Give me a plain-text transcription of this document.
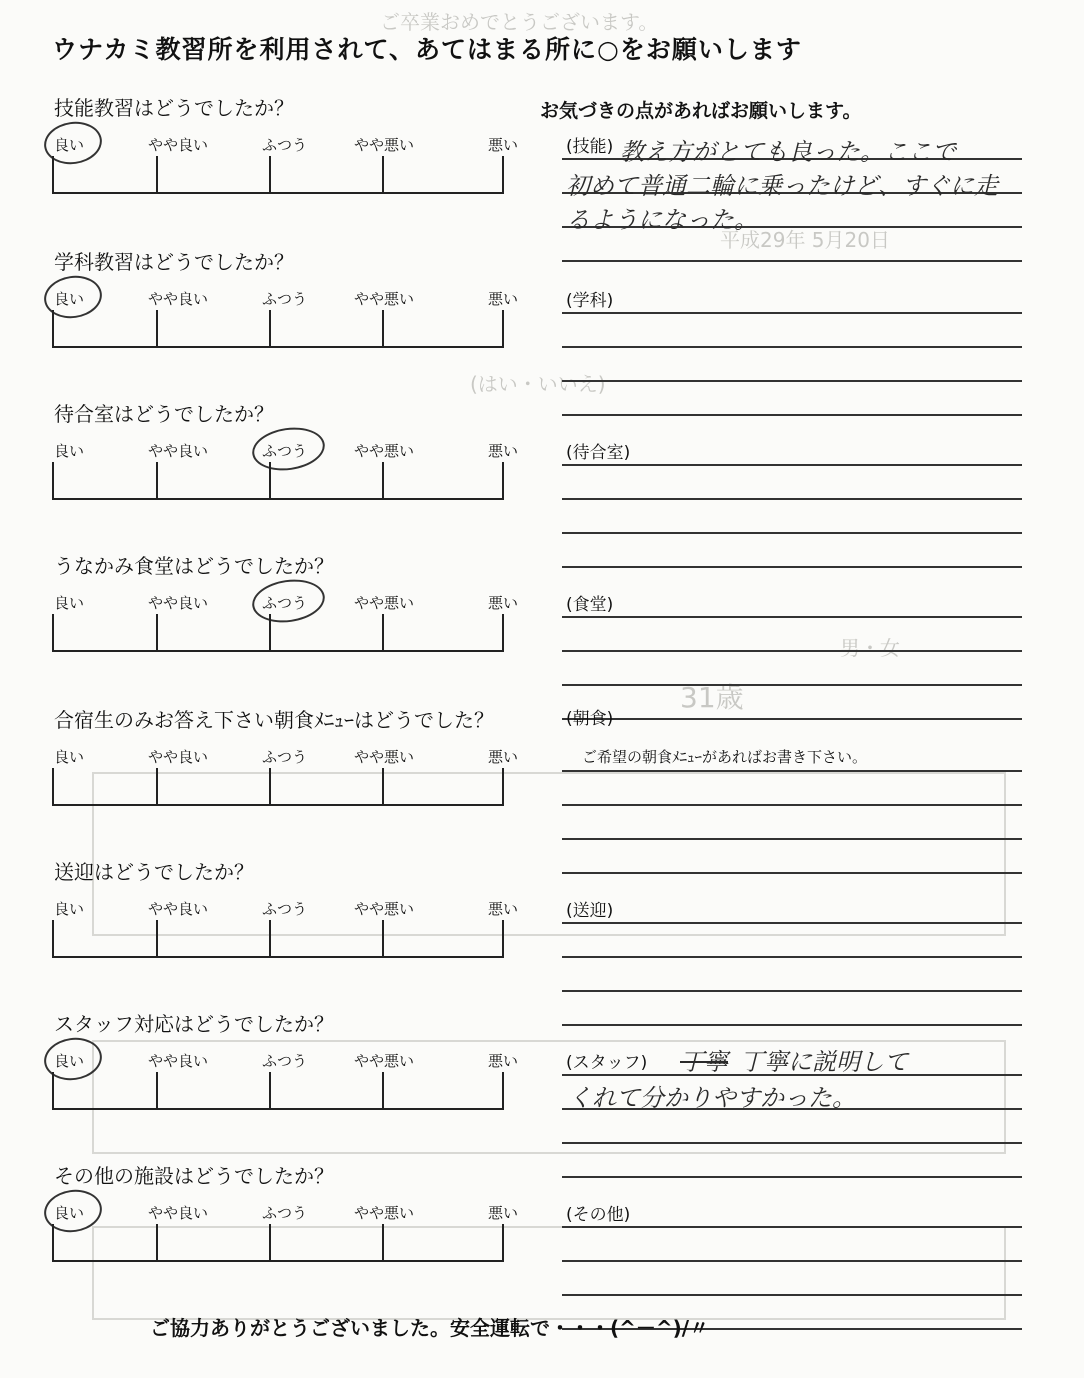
ご卒業おめでとうございます。
平成29年 5月20日
(はい・いいえ)
男・女
31歳
ウナカミ教習所を利用されて、あてはまる所に○をお願いします
お気づきの点があればお願いします。
技能教習はどうでしたか？
良い	やや良い	ふつう	やや悪い	悪い	(技能) 教え方がとても良った。ここで
初めて普通二輪に乗ったけど、すぐに走
るようになった。
学科教習はどうでしたか？
良い	やや良い	ふつう	やや悪い	悪い	(学科)
待合室はどうでしたか？
良い	やや良い	ふつう	やや悪い	悪い	(待合室)
うなかみ食堂はどうでしたか？
良い	やや良い	ふつう	やや悪い	悪い	(食堂)
合宿生のみお答え下さい朝食ﾒﾆｭｰはどうでした？	(朝食)
良い	やや良い	ふつう	やや悪い	悪い	ご希望の朝食ﾒﾆｭｰがあればお書き下さい。
送迎はどうでしたか？
良い	やや良い	ふつう	やや悪い	悪い	(送迎)
スタッフ対応はどうでしたか？
良い	やや良い	ふつう	やや悪い	悪い	(スタッフ)	丁寧に説明して
くれて分かりやすかった。
丁寧
その他の施設はどうでしたか？
良い	やや良い	ふつう	やや悪い	悪い	(その他)
ご協力ありがとうございました。安全運転で・・・(^－^)/〃
